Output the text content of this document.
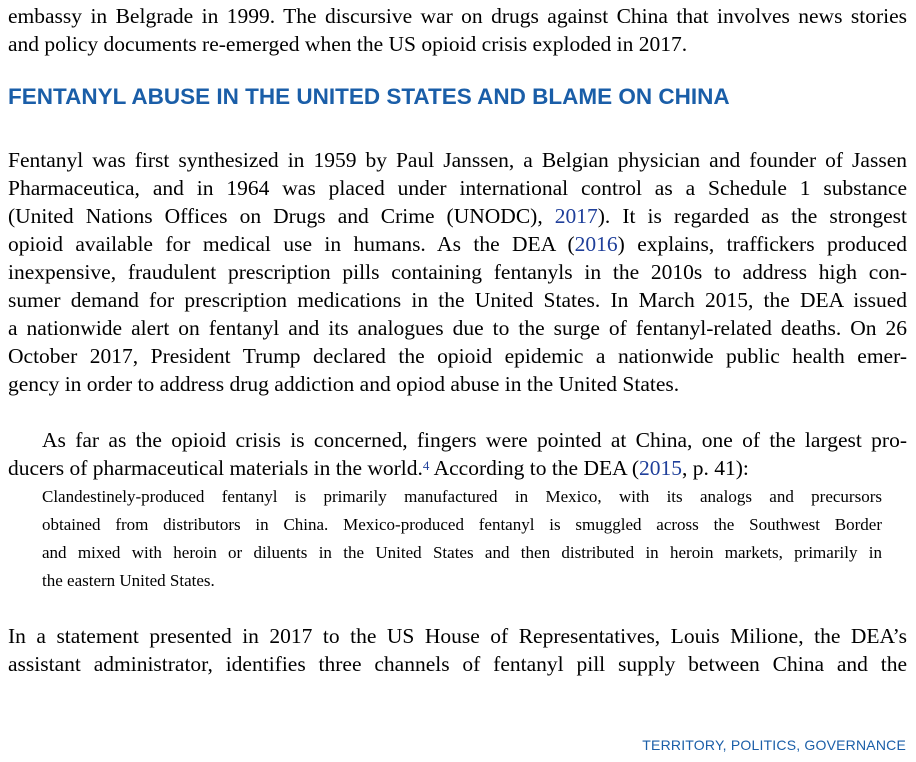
embassy in Belgrade in 1999. The discursive war on drugs against China that involves news stories
and policy documents re-emerged when the US opioid crisis exploded in 2017.
FENTANYL ABUSE IN THE UNITED STATES AND BLAME ON CHINA
Fentanyl was first synthesized in 1959 by Paul Janssen, a Belgian physician and founder of Jassen
Pharmaceutica, and in 1964 was placed under international control as a Schedule 1 substance
(United Nations Offices on Drugs and Crime (UNODC), 2017). It is regarded as the strongest
opioid available for medical use in humans. As the DEA (2016) explains, traffickers produced
inexpensive, fraudulent prescription pills containing fentanyls in the 2010s to address high con-
sumer demand for prescription medications in the United States. In March 2015, the DEA issued
a nationwide alert on fentanyl and its analogues due to the surge of fentanyl-related deaths. On 26
October 2017, President Trump declared the opioid epidemic a nationwide public health emer-
gency in order to address drug addiction and opiod abuse in the United States.
As far as the opioid crisis is concerned, fingers were pointed at China, one of the largest pro-
ducers of pharmaceutical materials in the world.$^4$ According to the DEA (2015, p. 41):
Clandestinely-produced fentanyl is primarily manufactured in Mexico, with its analogs and precursors
obtained from distributors in China. Mexico-produced fentanyl is smuggled across the Southwest Border
and mixed with heroin or diluents in the United States and then distributed in heroin markets, primarily in
the eastern United States.
In a statement presented in 2017 to the US House of Representatives, Louis Milione, the DEA’s
assistant administrator, identifies three channels of fentanyl pill supply between China and the
TERRITORY, POLITICS, GOVERNANCE
